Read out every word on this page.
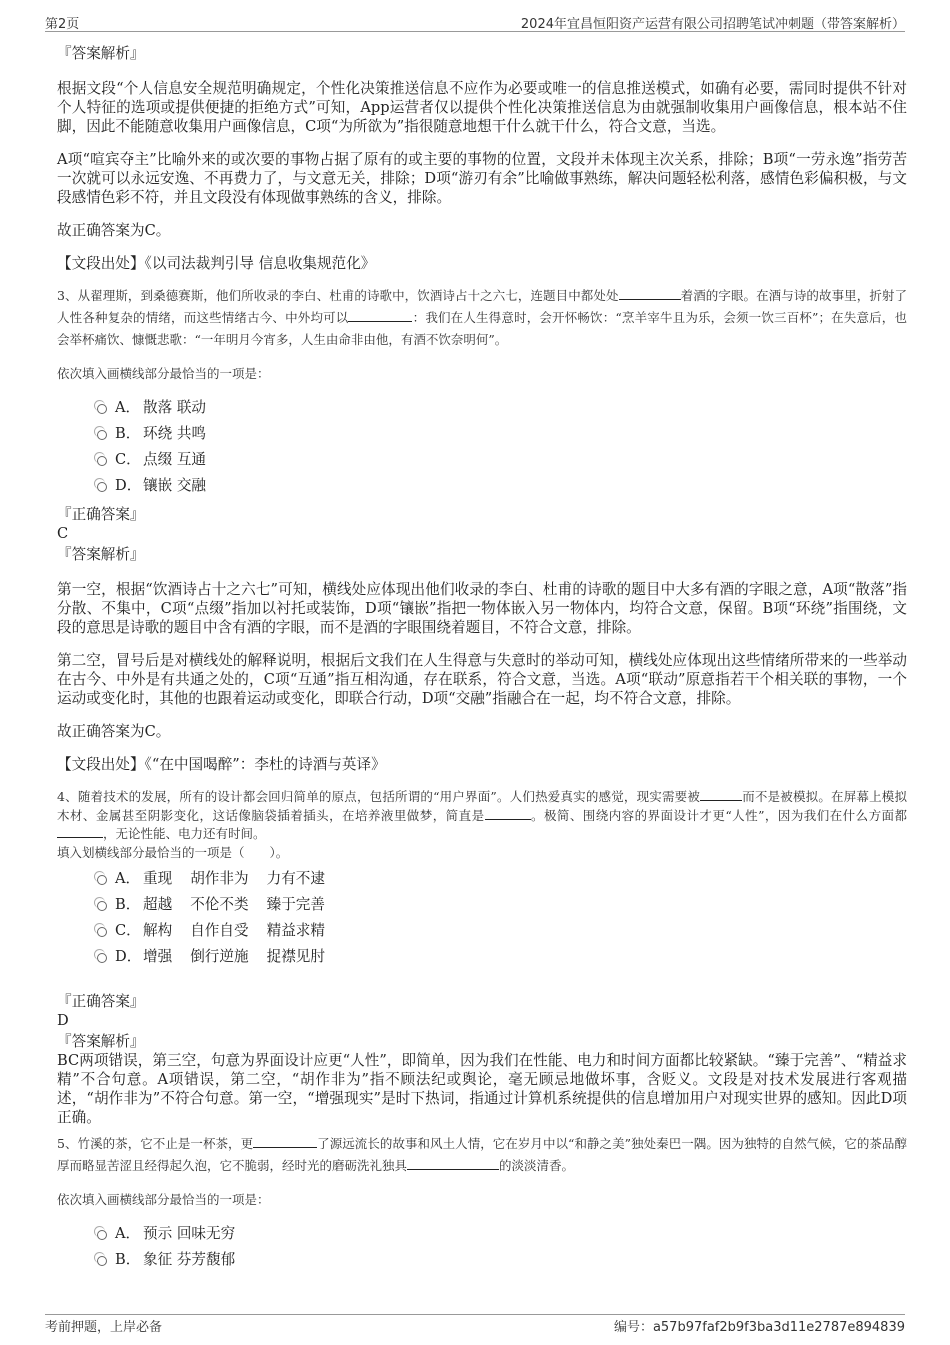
第2页	2024年宜昌恒阳资产运营有限公司招聘笔试冲刺题（带答案解析）

『答案解析』

根据文段“个人信息安全规范明确规定，个性化决策推送信息不应作为必要或唯一的信息推送模式，如确有必要，需同时提供不针对个人特征的选项或提供便捷的拒绝方式”可知，App运营者仅以提供个性化决策推送信息为由就强制收集用户画像信息，根本站不住脚，因此不能随意收集用户画像信息，C项“为所欲为”指很随意地想干什么就干什么，符合文意，当选。

A项“喧宾夺主”比喻外来的或次要的事物占据了原有的或主要的事物的位置，文段并未体现主次关系，排除；B项“一劳永逸”指劳苦一次就可以永远安逸、不再费力了，与文意无关，排除；D项“游刃有余”比喻做事熟练，解决问题轻松利落，感情色彩偏积极，与文段感情色彩不符，并且文段没有体现做事熟练的含义，排除。

故正确答案为C。

【文段出处】《以司法裁判引导 信息收集规范化》

3、从翟理斯，到桑德赛斯，他们所收录的李白、杜甫的诗歌中，饮酒诗占十之六七，连题目中都处处	着酒的字眼。在酒与诗的故事里，折射了人性各种复杂的情绪，而这些情绪古今、中外均可以	：我们在人生得意时，会开怀畅饮：“烹羊宰牛且为乐，会须一饮三百杯”；在失意后，也会举杯痛饮、慷慨悲歌：“一年明月今宵多，人生由命非由他，有酒不饮奈明何”。

依次填入画横线部分最恰当的一项是：

A． 散落 联动
B． 环绕 共鸣
C． 点缀 互通
D． 镶嵌 交融

『正确答案』

C

『答案解析』

第一空，根据“饮酒诗占十之六七”可知，横线处应体现出他们收录的李白、杜甫的诗歌的题目中大多有酒的字眼之意，A项“散落”指分散、不集中，C项“点缀”指加以衬托或装饰，D项“镶嵌”指把一物体嵌入另一物体内，均符合文意，保留。B项“环绕”指围绕，文段的意思是诗歌的题目中含有酒的字眼，而不是酒的字眼围绕着题目，不符合文意，排除。

第二空，冒号后是对横线处的解释说明，根据后文我们在人生得意与失意时的举动可知，横线处应体现出这些情绪所带来的一些举动在古今、中外是有共通之处的，C项“互通”指互相沟通，存在联系，符合文意，当选。A项“联动”原意指若干个相关联的事物，一个运动或变化时，其他的也跟着运动或变化，即联合行动，D项“交融”指融合在一起，均不符合文意，排除。

故正确答案为C。

【文段出处】《“在中国喝醉”：李杜的诗酒与英译》

4、随着技术的发展，所有的设计都会回归简单的原点，包括所谓的“用户界面”。人们热爱真实的感觉，现实需要被	而不是被模拟。在屏幕上模拟木材、金属甚至阴影变化，这话像脑袋插着插头，在培养液里做梦，简直是	。极简、围绕内容的界面设计才更“人性”，因为我们在什么方面都，无论性能、电力还有时间。

填入划横线部分最恰当的一项是（　　）。

A． 重现 胡作非为 力有不逮
B． 超越 不伦不类 臻于完善
C． 解构 自作自受 精益求精
D． 增强 倒行逆施 捉襟见肘

『正确答案』

D

『答案解析』

BC两项错误，第三空，句意为界面设计应更“人性”，即简单，因为我们在性能、电力和时间方面都比较紧缺。“臻于完善”、“精益求精”不合句意。A项错误，第二空，“胡作非为”指不顾法纪或舆论，毫无顾忌地做坏事，含贬义。文段是对技术发展进行客观描述，“胡作非为”不符合句意。第一空，“增强现实”是时下热词，指通过计算机系统提供的信息增加用户对现实世界的感知。因此D项正确。

5、竹溪的茶，它不止是一杯茶，更	了源远流长的故事和风土人情，它在岁月中以“和静之美”独处秦巴一隅。因为独特的自然气候，它的茶品醇厚而略显苦涩且经得起久泡，它不脆弱，经时光的磨砺洗礼独具	的淡淡清香。

依次填入画横线部分最恰当的一项是：

A． 预示 回味无穷
B． 象征 芬芳馥郁
考前押题，上岸必备	编号：a57b97faf2b9f3ba3d11e2787e894839
